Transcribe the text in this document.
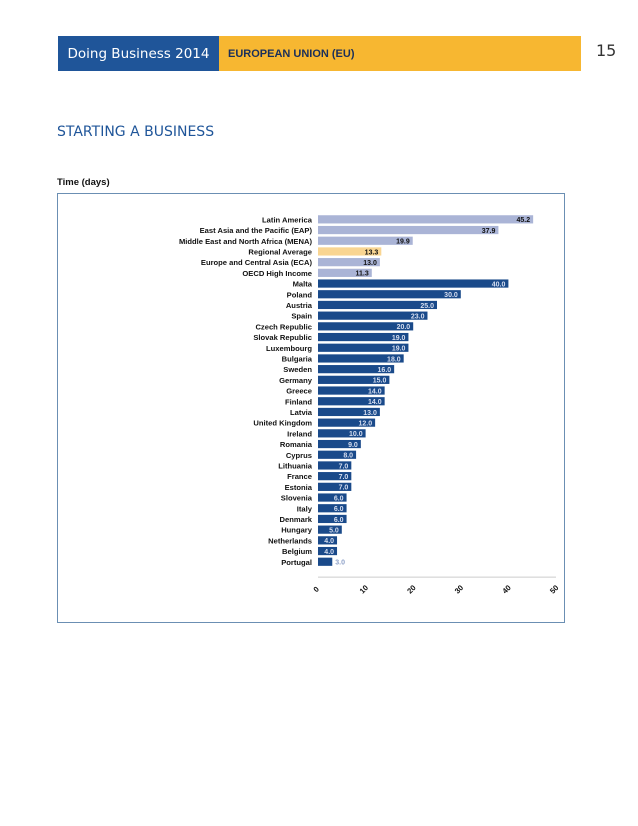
Doing Business 2014 EUROPEAN UNION (EU)	15
STARTING A BUSINESS
Time (days)
Latin America	45.2
East Asia and the Pacific (EAP)	37.9
Middle East and North Africa (MENA)	19.9
Regional Average	13.3
Europe and Central Asia (ECA)	13.0
OECD High Income	11.3
Malta	40.0
Poland	30.0
Austria	25.0
Spain	23.0
Czech Republic	20.0
Slovak Republic	19.0
Luxembourg	19.0
Bulgaria	18.0
Sweden	16.0
Germany	15.0
Greece	14.0
Finland	14.0
Latvia	13.0
United Kingdom	12.0
Ireland	10.0
Romania	9.0
Cyprus	8.0
Lithuania	7.0
France	7.0
Estonia	7.0
Slovenia	6.0
Italy	6.0
Denmark	6.0
Hungary 5.0
Netherlands 4.0
Belgium 4.0
Portugal	3.0
0	10	20	30	40	50
